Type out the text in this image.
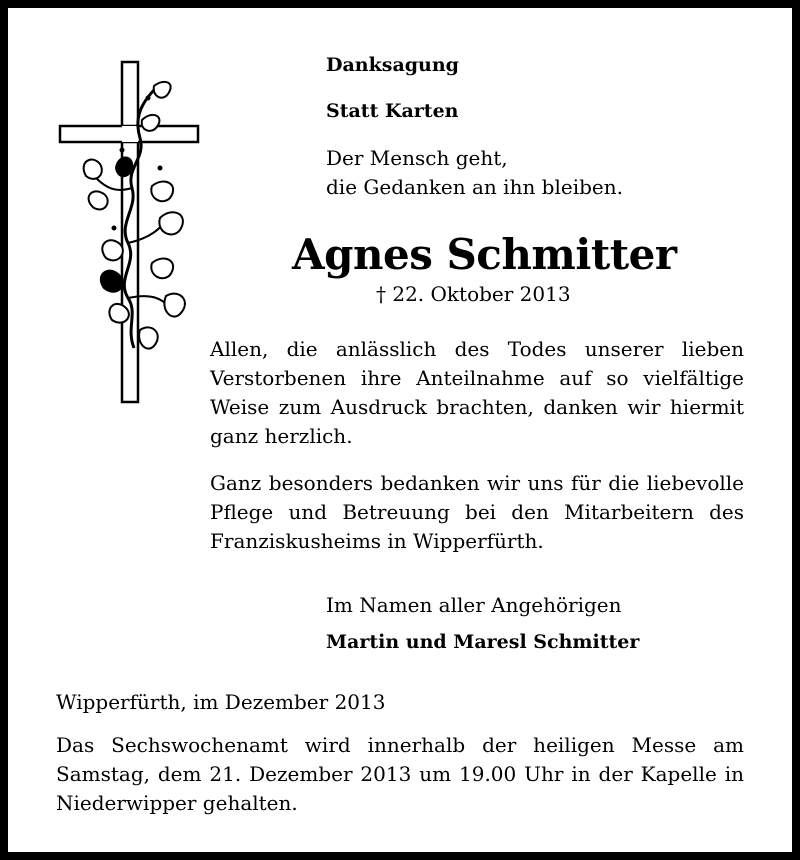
Danksagung
Statt Karten
Der Mensch geht,
die Gedanken an ihn bleiben.
Agnes Schmitter
† 22. Oktober 2013
Allen, die anlässlich des Todes unserer lieben Verstorbenen ihre Anteilnahme auf so vielfältige Weise zum Ausdruck brachten, danken wir hiermit ganz herzlich.
Ganz besonders bedanken wir uns für die liebevolle Pflege und Betreuung bei den Mitarbeitern des Franziskusheims in Wipperfürth.
Im Namen aller Angehörigen
Martin und Maresl Schmitter
Wipperfürth, im Dezember 2013
Das Sechswochenamt wird innerhalb der heiligen Messe am Samstag, dem 21. Dezember 2013 um 19.00 Uhr in der Kapelle in Niederwipper gehalten.
